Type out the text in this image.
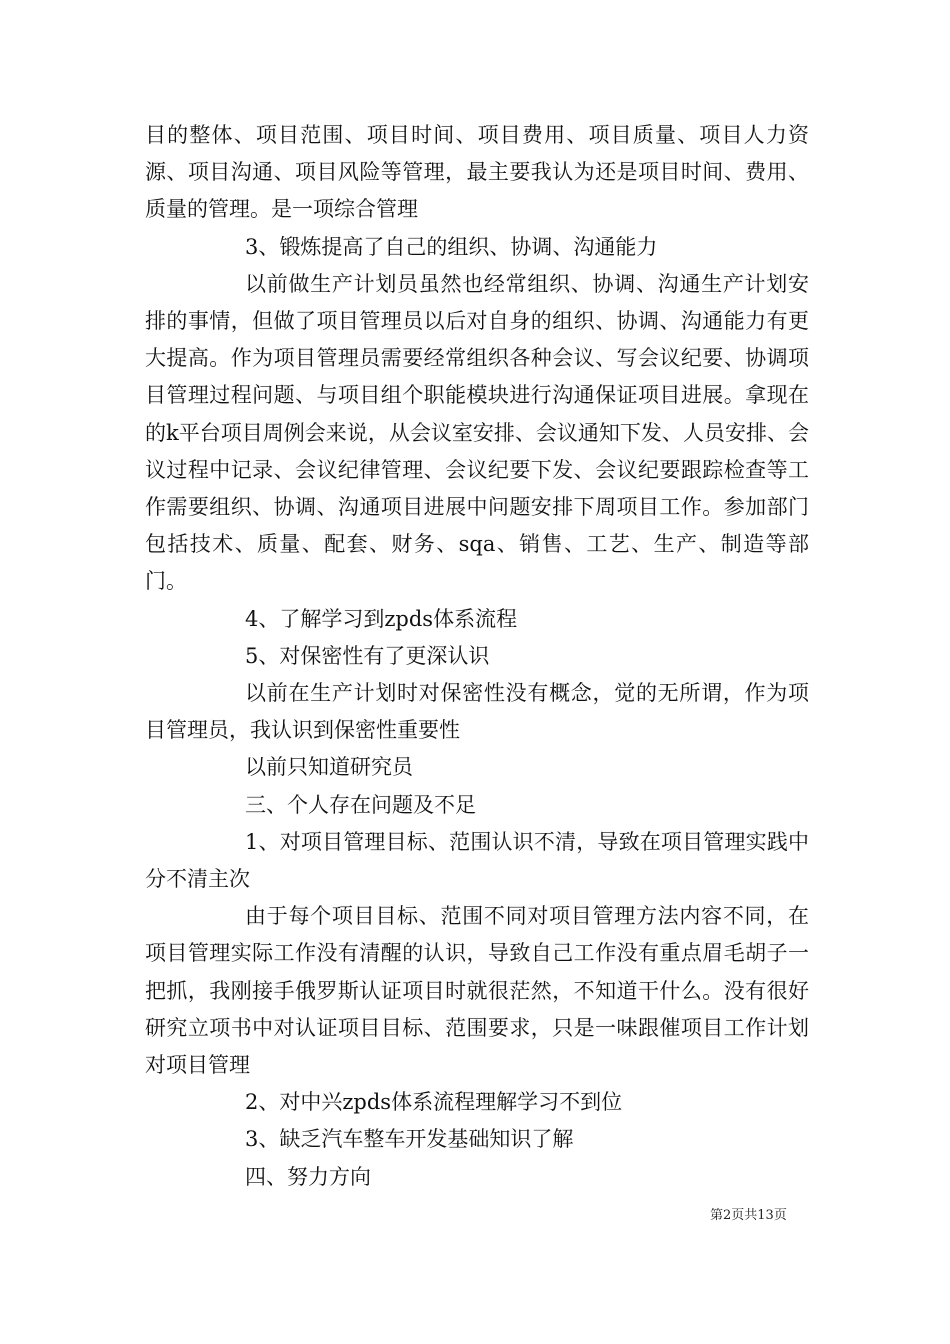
目的整体、项目范围、项目时间、项目费用、项目质量、项目人力资源、项目沟通、项目风险等管理，最主要我认为还是项目时间、费用、质量的管理。是一项综合管理

3、锻炼提高了自己的组织、协调、沟通能力

以前做生产计划员虽然也经常组织、协调、沟通生产计划安排的事情，但做了项目管理员以后对自身的组织、协调、沟通能力有更大提高。作为项目管理员需要经常组织各种会议、写会议纪要、协调项目管理过程问题、与项目组个职能模块进行沟通保证项目进展。拿现在的k平台项目周例会来说，从会议室安排、会议通知下发、人员安排、会议过程中记录、会议纪律管理、会议纪要下发、会议纪要跟踪检查等工作需要组织、协调、沟通项目进展中问题安排下周项目工作。参加部门包括技术、质量、配套、财务、sqa、销售、工艺、生产、制造等部门。

4、了解学习到zpds体系流程

5、对保密性有了更深认识

以前在生产计划时对保密性没有概念，觉的无所谓，作为项目管理员，我认识到保密性重要性

以前只知道研究员

三、个人存在问题及不足

1、对项目管理目标、范围认识不清，导致在项目管理实践中分不清主次

由于每个项目目标、范围不同对项目管理方法内容不同，在项目管理实际工作没有清醒的认识，导致自己工作没有重点眉毛胡子一把抓，我刚接手俄罗斯认证项目时就很茫然，不知道干什么。没有很好研究立项书中对认证项目目标、范围要求，只是一味跟催项目工作计划对项目管理

2、对中兴zpds体系流程理解学习不到位

3、缺乏汽车整车开发基础知识了解

四、努力方向

第2页共13页
